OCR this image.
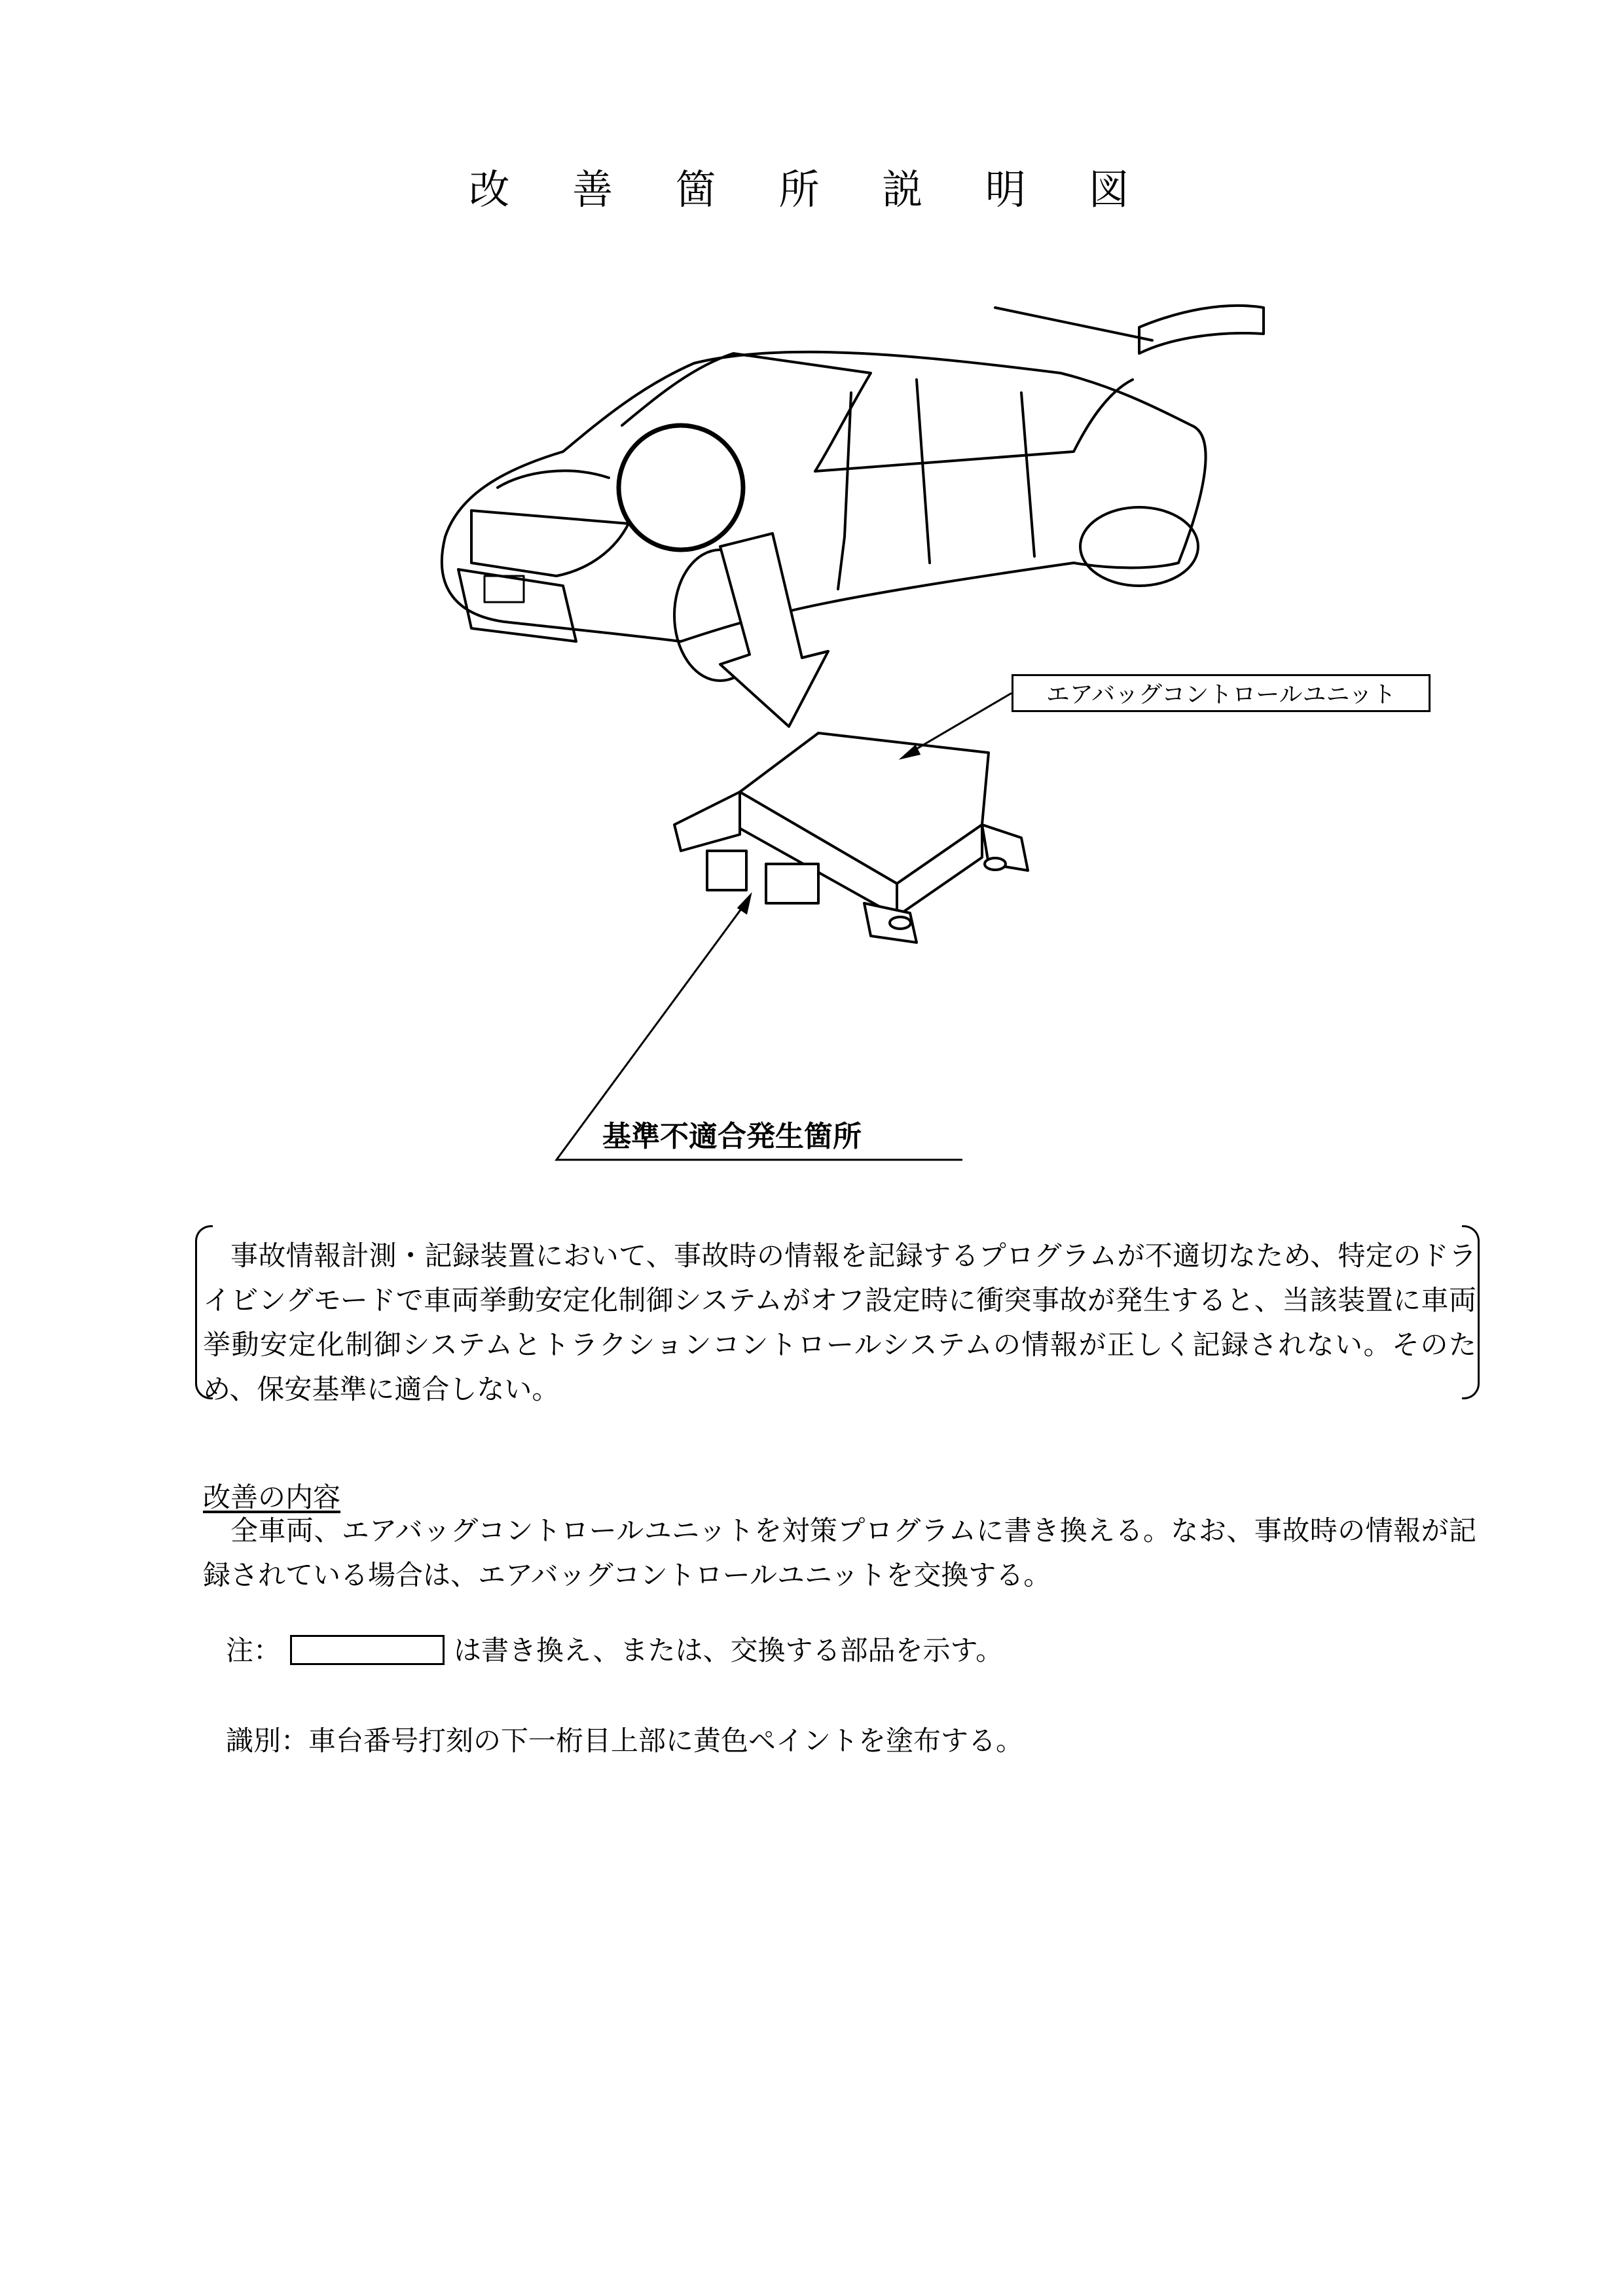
改 善 箇 所 説 明 図
エアバッグコントロールユニット
基準不適合発生箇所
事故情報計測・記録装置において、事故時の情報を記録するプログラムが不適切なため、特定のドライビングモードで車両挙動安定化制御システムがオフ設定時に衝突事故が発生すると、当該装置に車両挙動安定化制御システムとトラクションコントロールシステムの情報が正しく記録されない。そのため、保安基準に適合しない。
改善の内容
全車両、エアバッグコントロールユニットを対策プログラムに書き換える。なお、事故時の情報が記録されている場合は、エアバッグコントロールユニットを交換する。
注：	は書き換え、または、交換する部品を示す。
識別：車台番号打刻の下一桁目上部に黄色ペイントを塗布する。
